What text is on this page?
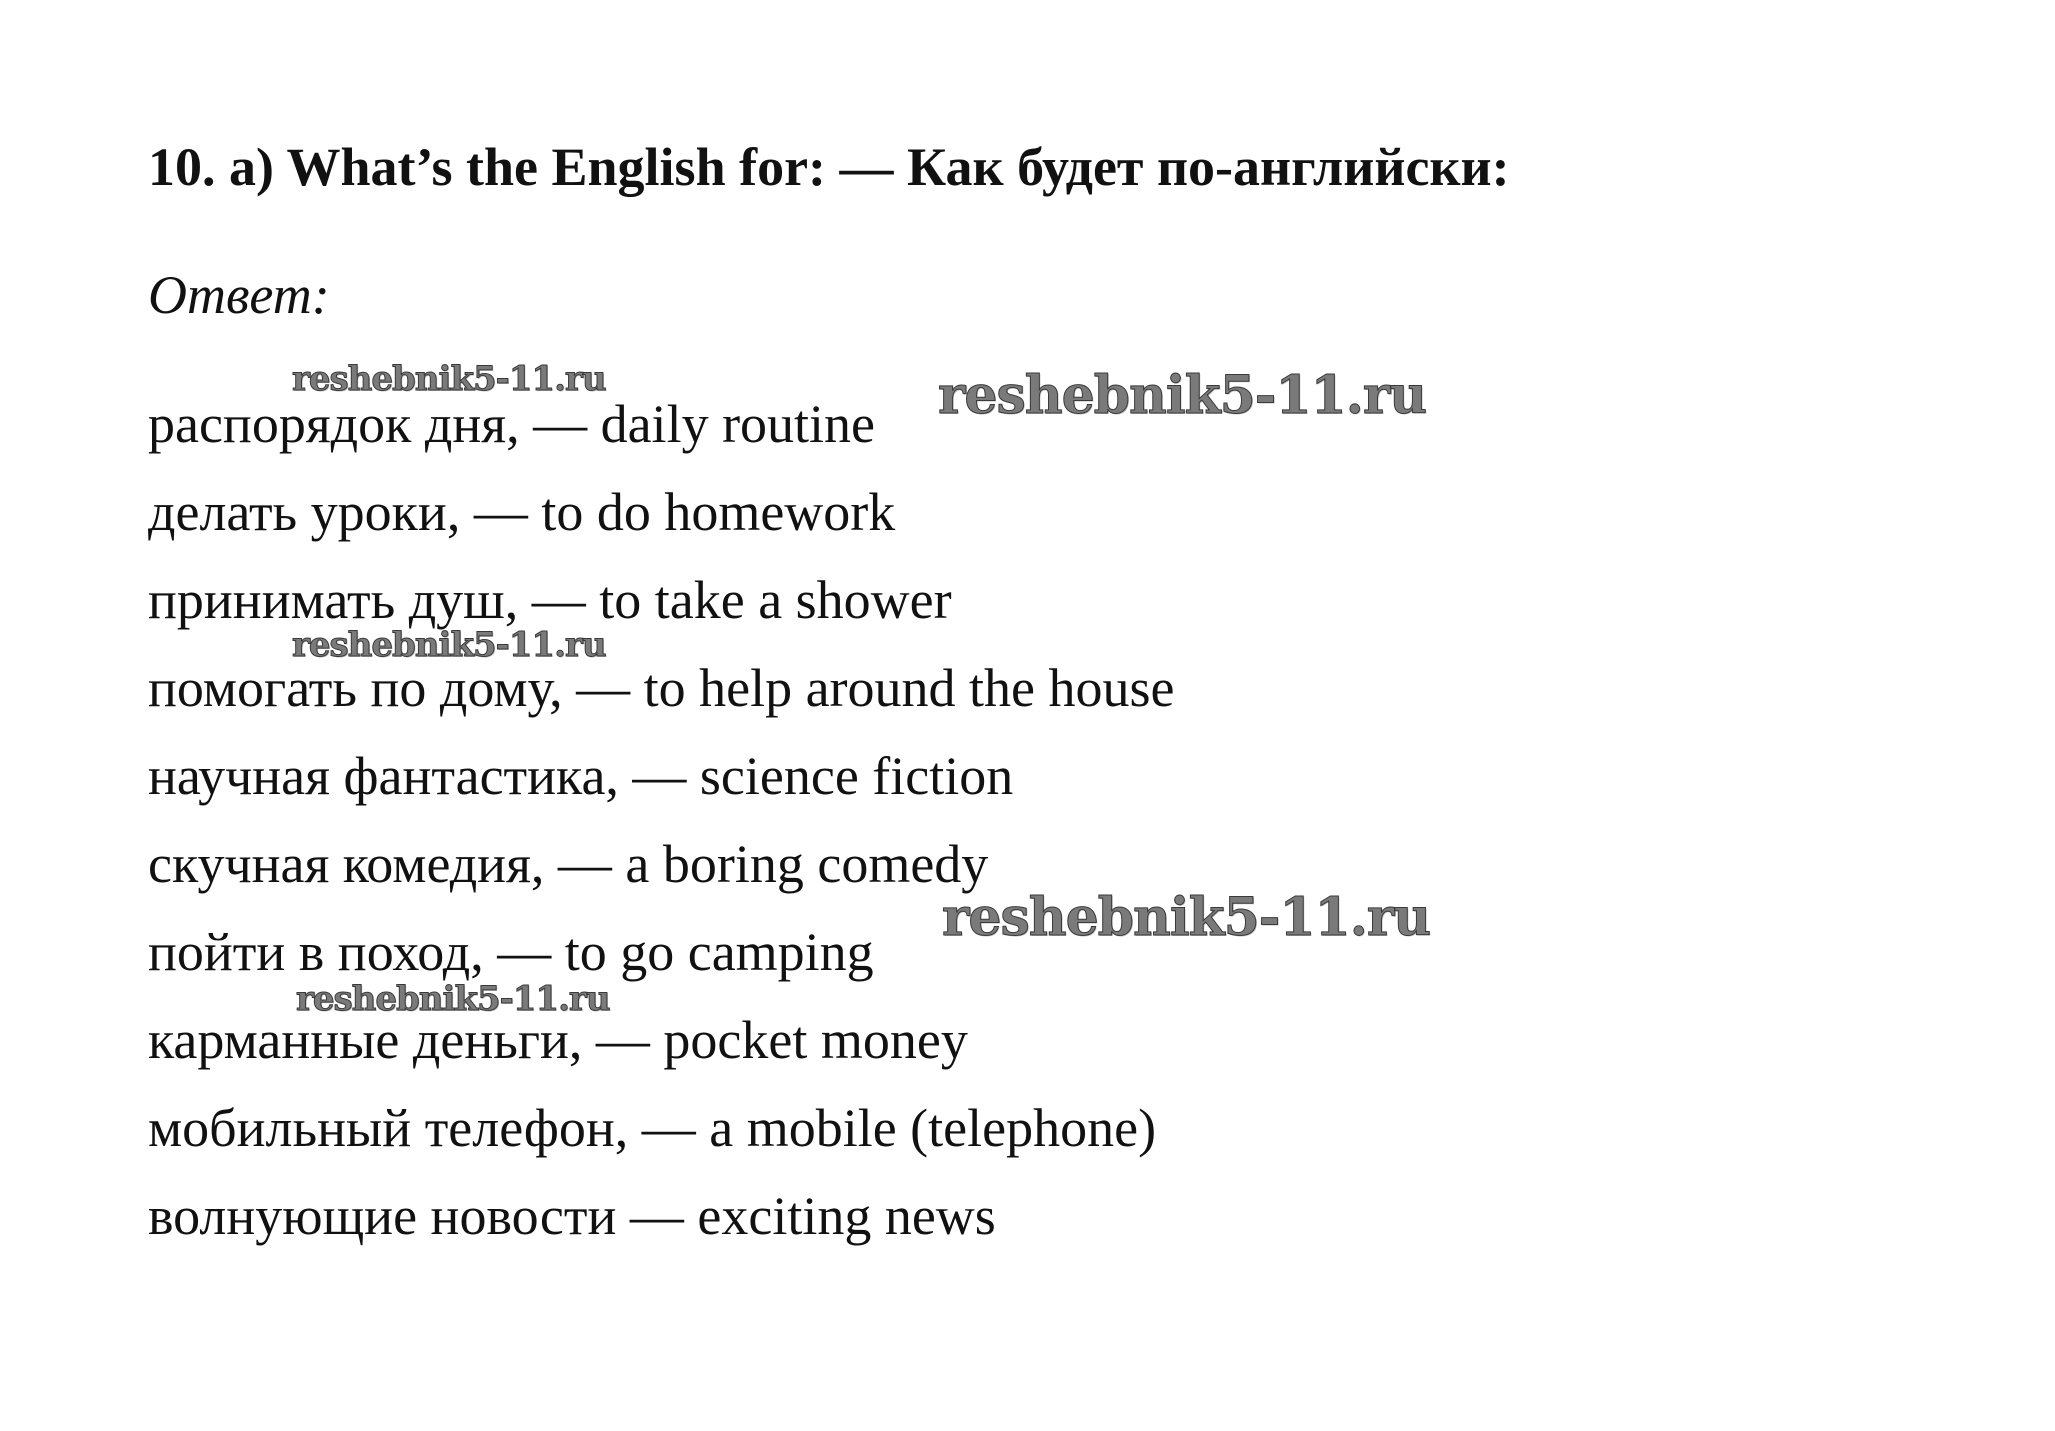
10. a) What’s the English for: — Как будет по-английски:
Ответ:
распорядок дня, — daily routine
делать уроки, — to do homework
принимать душ, — to take a shower
помогать по дому, — to help around the house
научная фантастика, — science fiction
скучная комедия, — a boring comedy
пойти в поход, — to go camping
карманные деньги, — pocket money
мобильный телефон, — a mobile (telephone)
волнующие новости — exciting news
reshebnik5-11.ru	reshebnik5-11.ru
reshebnik5-11.ru
reshebnik5-11.ru
reshebnik5-11.ru
